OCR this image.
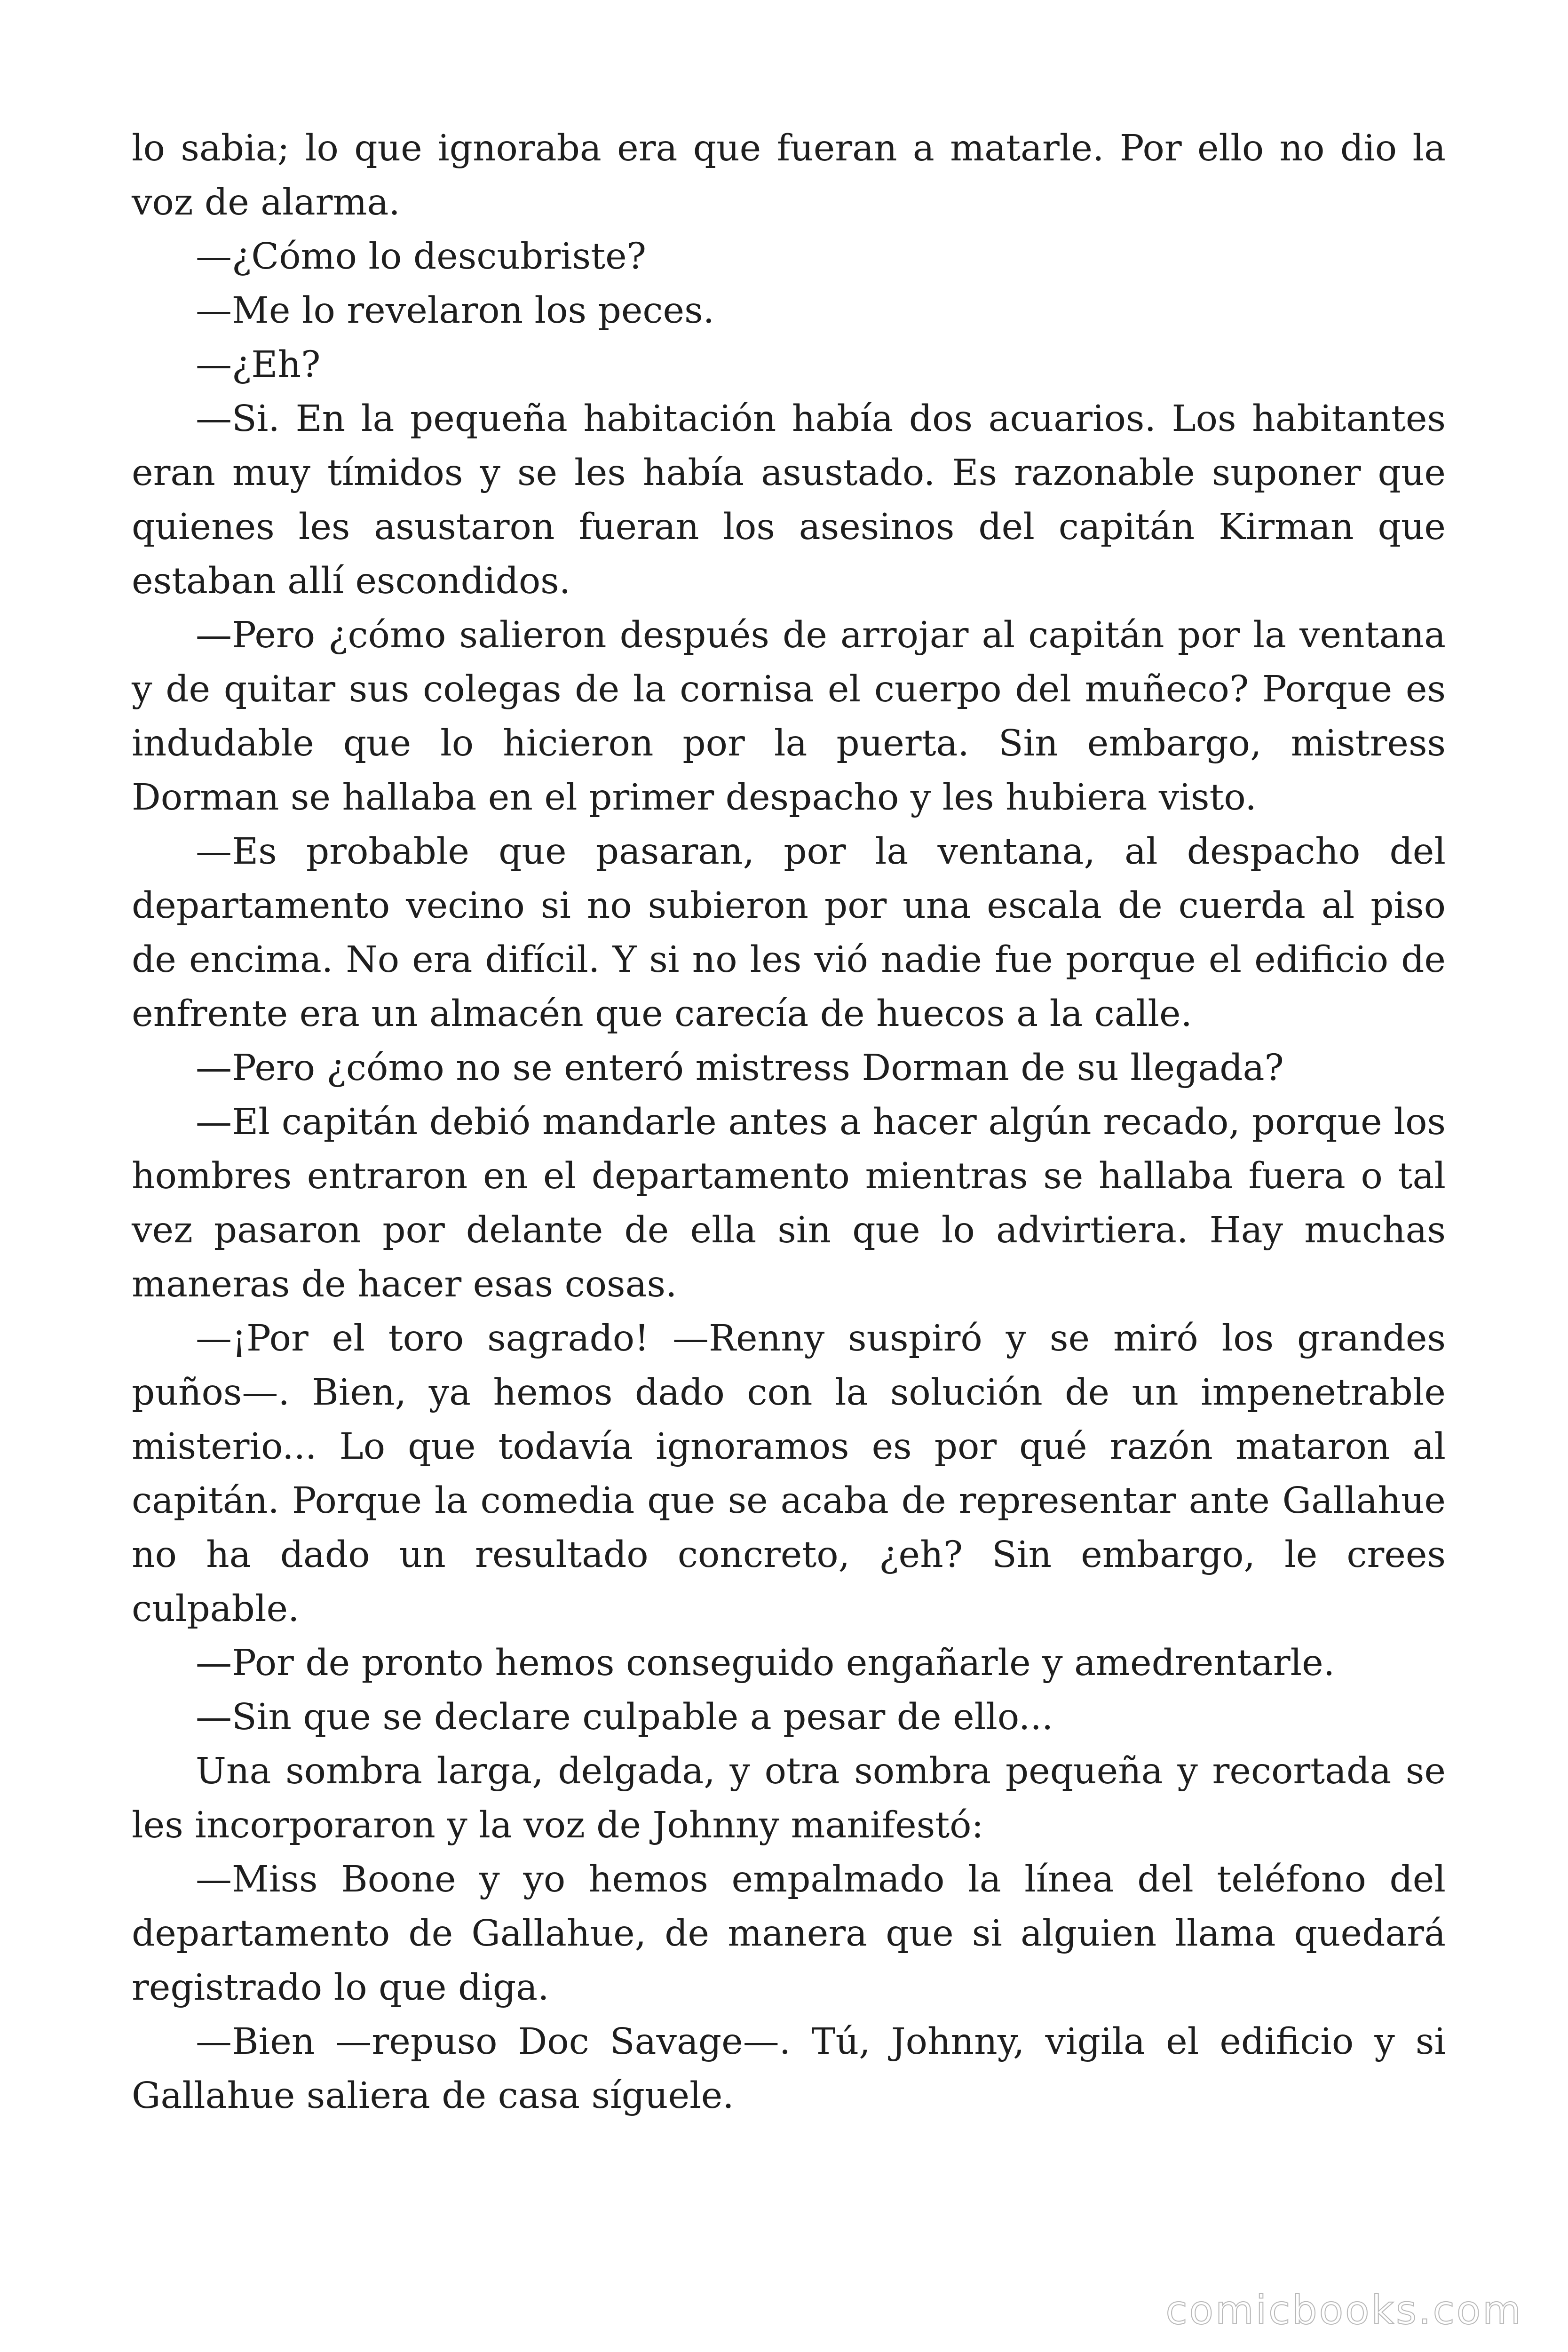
lo sabia; lo que ignoraba era que fueran a matarle. Por ello no dio la voz de alarma.

—¿Cómo lo descubriste?

—Me lo revelaron los peces.

—¿Eh?

—Si. En la pequeña habitación había dos acuarios. Los habitantes eran muy tímidos y se les había asustado. Es razonable suponer que quienes les asustaron fueran los asesinos del capitán Kirman que estaban allí escondidos.

—Pero ¿cómo salieron después de arrojar al capitán por la ventana y de quitar sus colegas de la cornisa el cuerpo del muñeco? Porque es indudable que lo hicieron por la puerta. Sin embargo, mistress Dorman se hallaba en el primer despacho y les hubiera visto.

—Es probable que pasaran, por la ventana, al despacho del departamento vecino si no subieron por una escala de cuerda al piso de encima. No era difícil. Y si no les vió nadie fue porque el edificio de enfrente era un almacén que carecía de huecos a la calle.

—Pero ¿cómo no se enteró mistress Dorman de su llegada?

—El capitán debió mandarle antes a hacer algún recado, porque los hombres entraron en el departamento mientras se hallaba fuera o tal vez pasaron por delante de ella sin que lo advirtiera. Hay muchas maneras de hacer esas cosas.

—¡Por el toro sagrado! —Renny suspiró y se miró los grandes puños—. Bien, ya hemos dado con la solución de un impenetrable misterio... Lo que todavía ignoramos es por qué razón mataron al capitán. Porque la comedia que se acaba de representar ante Gallahue no ha dado un resultado concreto, ¿eh? Sin embargo, le crees culpable.

—Por de pronto hemos conseguido engañarle y amedrentarle.

—Sin que se declare culpable a pesar de ello...

Una sombra larga, delgada, y otra sombra pequeña y recortada se les incorporaron y la voz de Johnny manifestó:

—Miss Boone y yo hemos empalmado la línea del teléfono del departamento de Gallahue, de manera que si alguien llama quedará registrado lo que diga.

—Bien —repuso Doc Savage—. Tú, Johnny, vigila el edificio y si Gallahue saliera de casa síguele.

comicbooks.com
